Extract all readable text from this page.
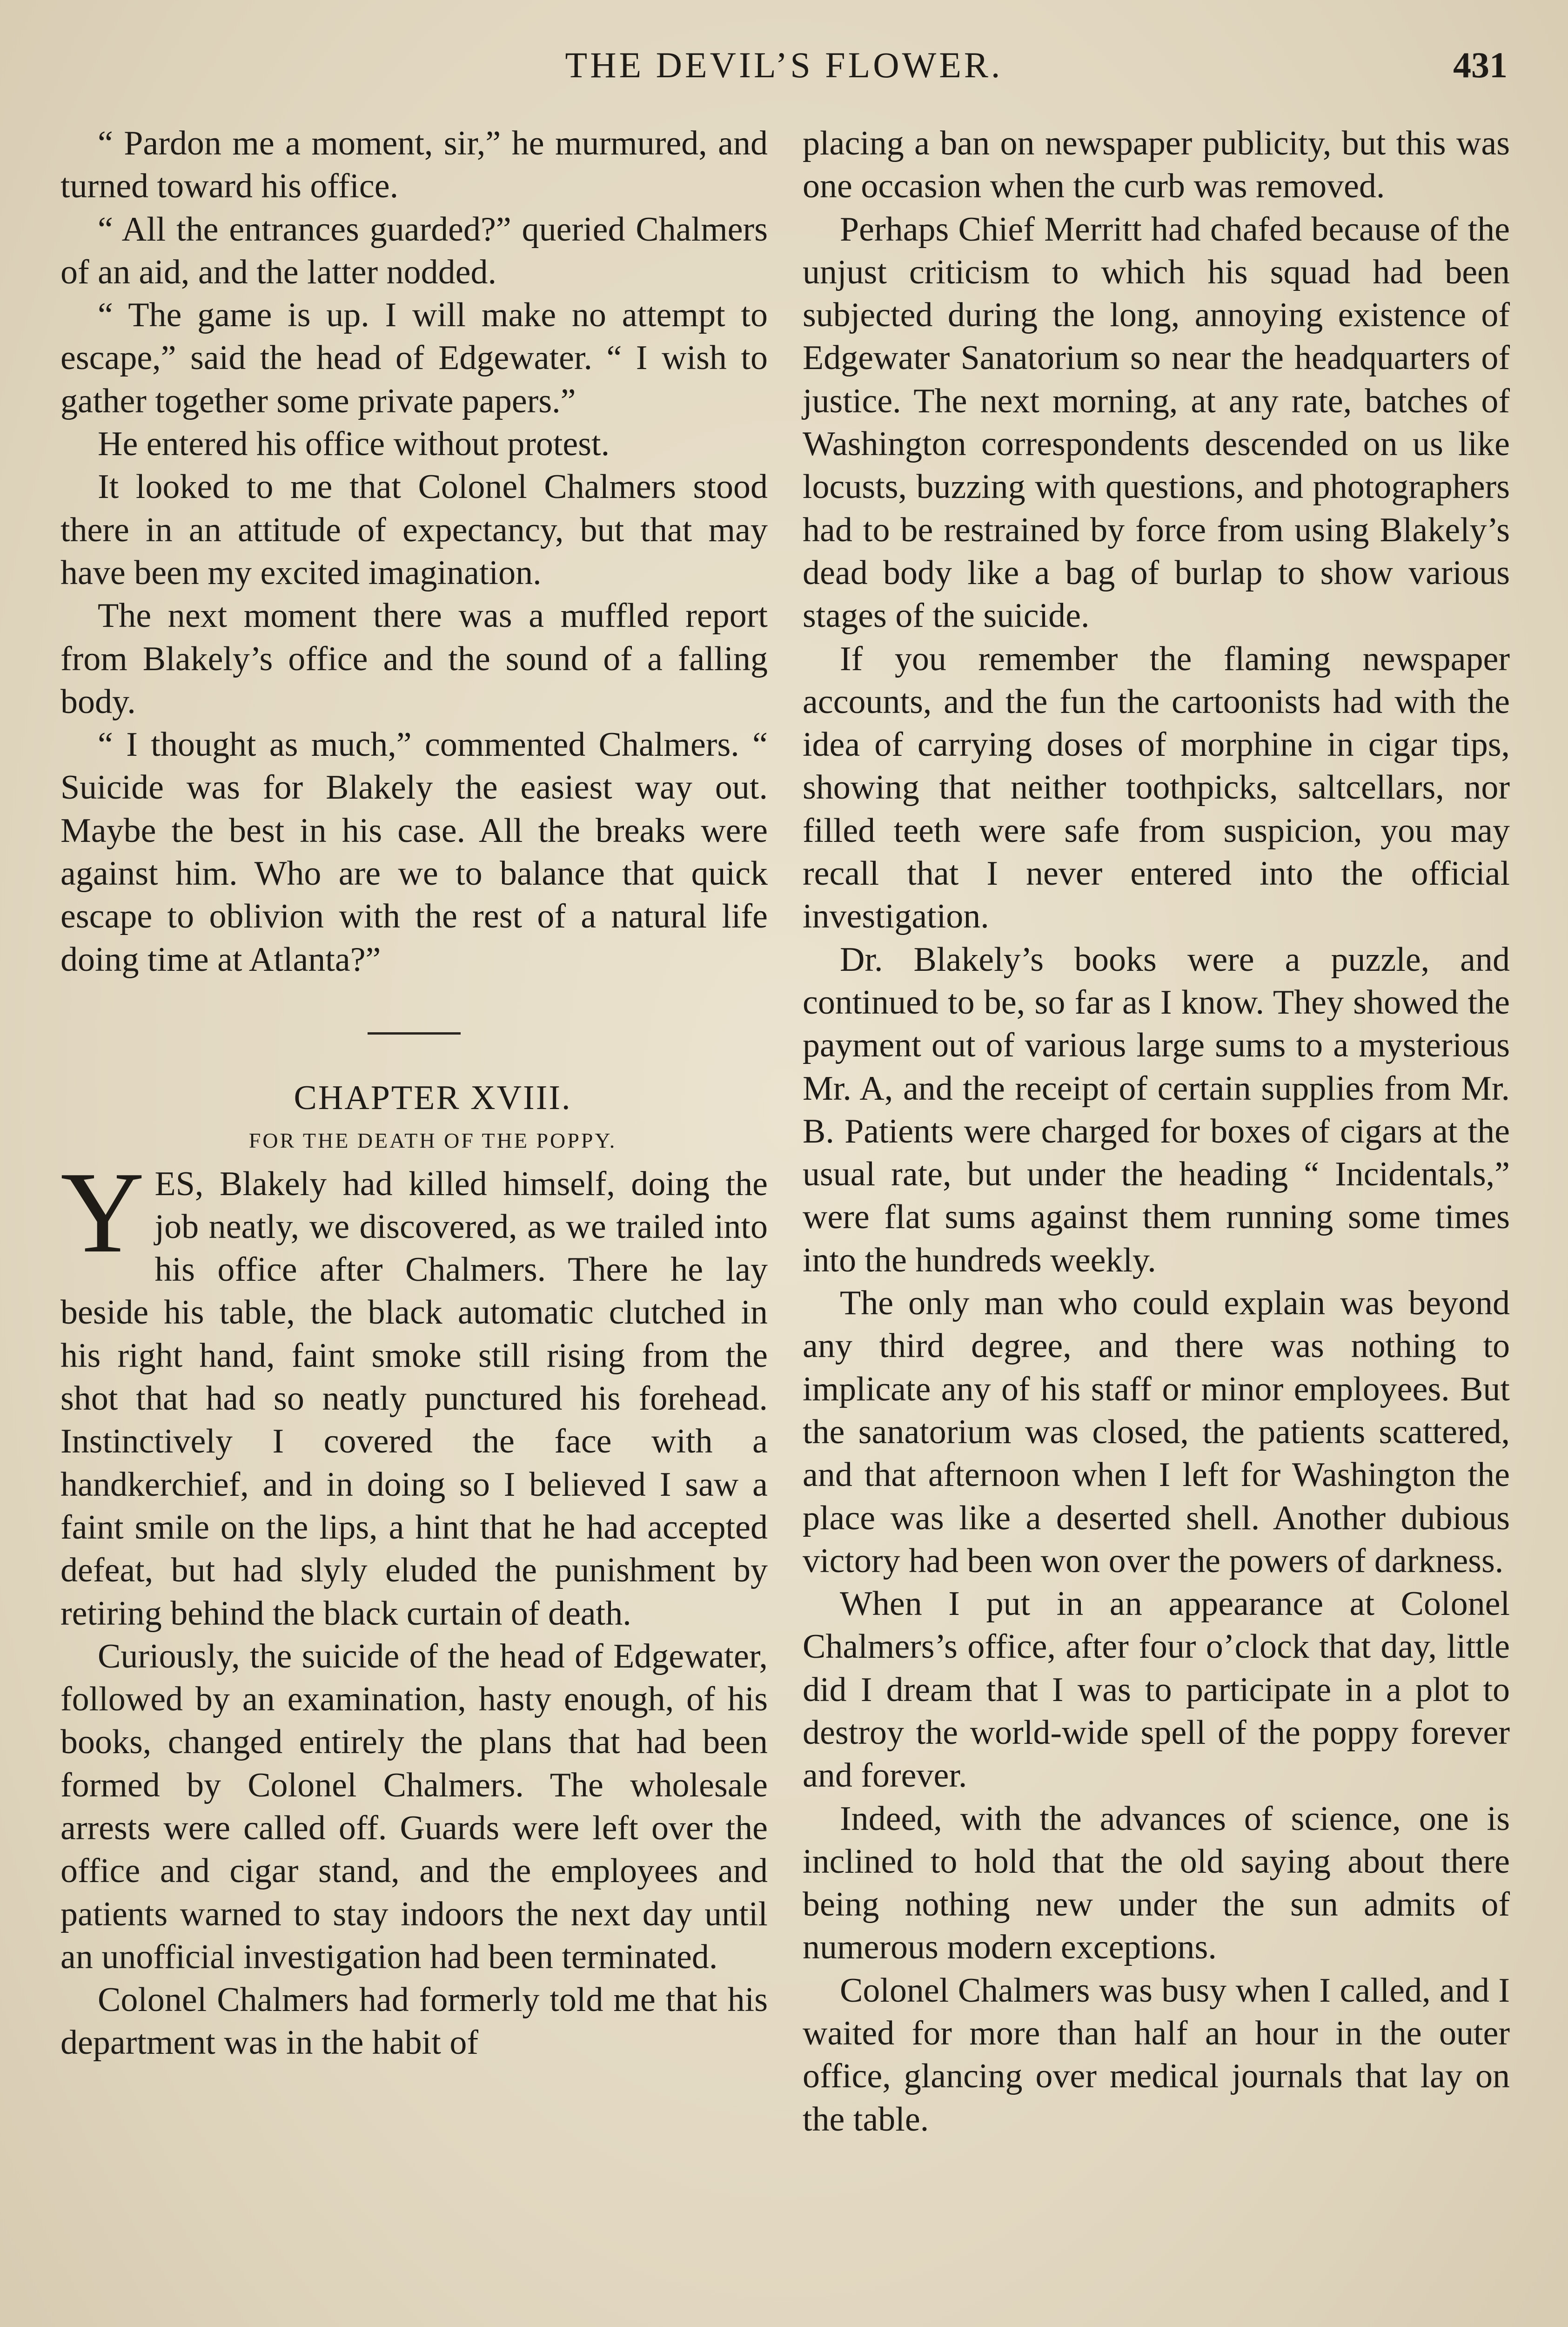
THE DEVIL’S FLOWER.	431

“ Pardon me a moment, sir,” he murmured, and turned toward his office.

“ All the entrances guarded?” queried Chalmers of an aid, and the latter nodded.

“ The game is up. I will make no attempt to escape,” said the head of Edgewater. “ I wish to gather together some private papers.”

He entered his office without protest.

It looked to me that Colonel Chalmers stood there in an attitude of expectancy, but that may have been my excited imagination.

The next moment there was a muffled report from Blakely’s office and the sound of a falling body.

“ I thought as much,” commented Chalmers. “ Suicide was for Blakely the easiest way out. Maybe the best in his case. All the breaks were against him. Who are we to balance that quick escape to oblivion with the rest of a natural life doing time at Atlanta?”

CHAPTER XVIII.

FOR THE DEATH OF THE POPPY.

YES, Blakely had killed himself, doing the job neatly, we discovered, as we trailed into his office after Chalmers. There he lay beside his table, the black automatic clutched in his right hand, faint smoke still rising from the shot that had so neatly punctured his forehead. Instinctively I covered the face with a handkerchief, and in doing so I believed I saw a faint smile on the lips, a hint that he had accepted defeat, but had slyly eluded the punishment by retiring behind the black curtain of death.

Curiously, the suicide of the head of Edgewater, followed by an examination, hasty enough, of his books, changed entirely the plans that had been formed by Colonel Chalmers. The wholesale arrests were called off. Guards were left over the office and cigar stand, and the employees and patients warned to stay indoors the next day until an unofficial investigation had been terminated.

Colonel Chalmers had formerly told me that his department was in the habit of

placing a ban on newspaper publicity, but this was one occasion when the curb was removed.

Perhaps Chief Merritt had chafed because of the unjust criticism to which his squad had been subjected during the long, annoying existence of Edgewater Sanatorium so near the headquarters of justice. The next morning, at any rate, batches of Washington correspondents descended on us like locusts, buzzing with questions, and photographers had to be restrained by force from using Blakely’s dead body like a bag of burlap to show various stages of the suicide.

If you remember the flaming newspaper accounts, and the fun the cartoonists had with the idea of carrying doses of morphine in cigar tips, showing that neither toothpicks, saltcellars, nor filled teeth were safe from suspicion, you may recall that I never entered into the official investigation.

Dr. Blakely’s books were a puzzle, and continued to be, so far as I know. They showed the payment out of various large sums to a mysterious Mr. A, and the receipt of certain supplies from Mr. B. Patients were charged for boxes of cigars at the usual rate, but under the heading “ Incidentals,” were flat sums against them running some times into the hundreds weekly.

The only man who could explain was beyond any third degree, and there was nothing to implicate any of his staff or minor employees. But the sanatorium was closed, the patients scattered, and that afternoon when I left for Washington the place was like a deserted shell. Another dubious victory had been won over the powers of darkness.

When I put in an appearance at Colonel Chalmers’s office, after four o’clock that day, little did I dream that I was to participate in a plot to destroy the world-wide spell of the poppy forever and forever.

Indeed, with the advances of science, one is inclined to hold that the old saying about there being nothing new under the sun admits of numerous modern exceptions.

Colonel Chalmers was busy when I called, and I waited for more than half an hour in the outer office, glancing over medical journals that lay on the table.
